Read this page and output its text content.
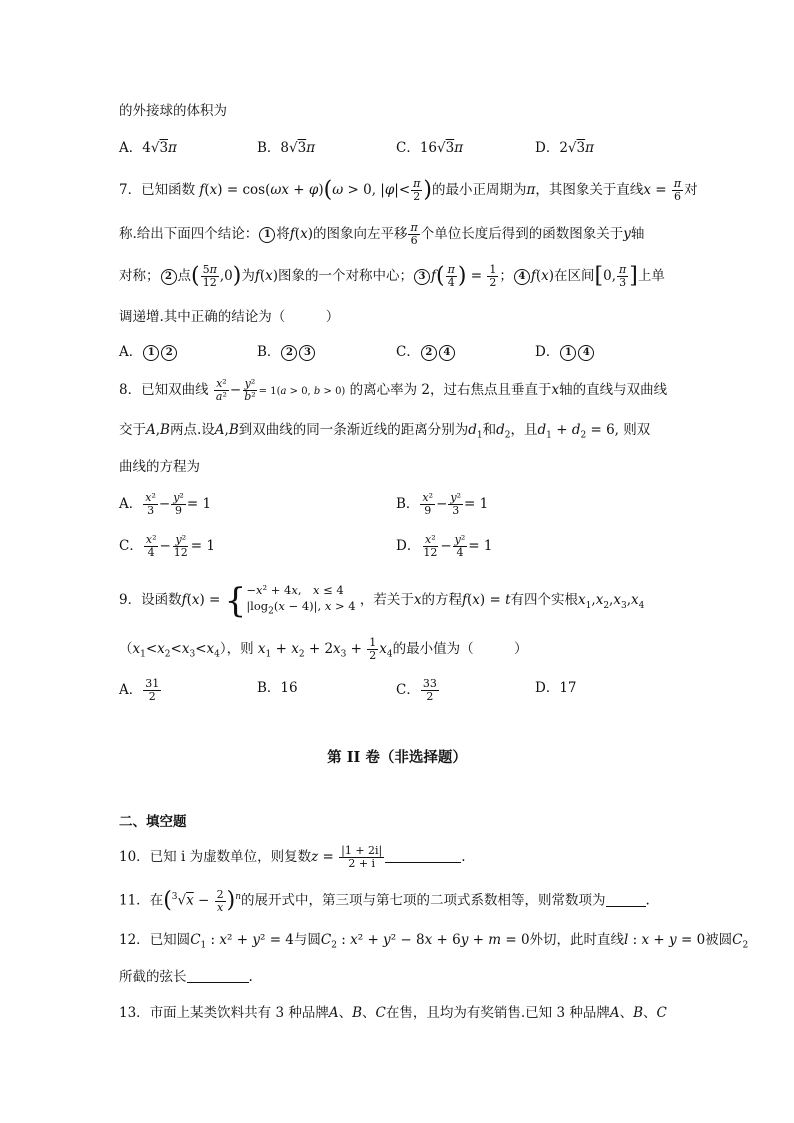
的外接球的体积为
A．4√3π	B．8√3π	C．16√3π	D．2√3π
7．已知函数 f(x) = cos(ωx + φ)(ω > 0, $|\varphi|< \frac{\pi}{2}$ )的最小正周期为π，其图象关于直线$x = \frac{\pi}{6}$ 对
称.给出下面四个结论： 1 将f(x)的图象向左平移 $\frac{\pi}{6}$ 个单位长度后得到的函数图象关于y轴
对称； 2 点( $\frac{5\pi}{12} ,0$)为f(x)图象的一个对称中心； 3 $f( \frac{\pi}{4}$ ) = $\frac{1}{2}$ ； 4 f(x)在区间[0, $\frac{\pi}{3}$ ]上单
调递增.其中正确的结论为（　　　）
A． 1 2	B． 2 3	C． 2 4	D． 1 4
8．已知双曲线 $\frac{\text{x²}}{\text{a²}} - \frac{\text{y²}}{\text{b²}} = 1(a > 0$, b > 0) 的离心率为 2，过右焦点且垂直于x轴的直线与双曲线
交于A,B两点.设A,B到双曲线的同一条渐近线的距离分别为$d_1$和$d_2$，且$d_1 + d_2 = 6$, 则双
曲线的方程为
A． $\frac{\text{x²}}{3} - \frac{\text{y²}}{9} = 1$	B． $\frac{\text{x²}}{9} - \frac{\text{y²}}{3} = 1$
C． $\frac{\text{x²}}{4} - \frac{\text{y²}}{12} = 1$	D． $\frac{\text{x²}}{12} - \frac{\text{y²}}{4} = 1$
9．设函数f(x) = { −x² + 4x,　x ≤ 4
$|\log_2(x - 4)|$, x > 4 ，若关于x的方程f(x) = t有四个实根$x_1,x_2,x_3,x_4$
$(x_1<x_2<x_3<x_4)$，则 $x_1 + x_2 + 2x_3 + \frac{1}{2} x_4$的最小值为（　　　）
A． $\frac{31}{2}$	B．16	C． $\frac{33}{2}$	D．17
第 II 卷（非选择题）
二、填空题
10．已知 i 为虚数单位，则复数$z = \frac{|1 + 2i|}{2 + i}$	.
11．在$(^3√x - \frac{2}{x} )^n$的展开式中，第三项与第七项的二项式系数相等，则常数项为	.
12．已知圆$C_1$ : x² + y² = 4与圆$C_2$ : x² + y² − 8x + 6y + m = 0外切，此时直线l : x + y = 0被圆$C_2$
所截的弦长	.
13．市面上某类饮料共有 3 种品牌A、B、C在售，且均为有奖销售.已知 3 种品牌A、B、C
